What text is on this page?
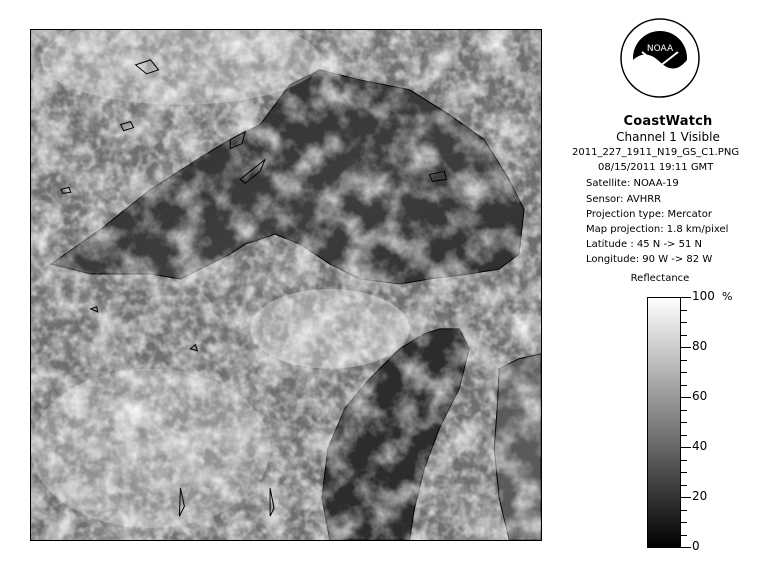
NOAA
CoastWatch
Channel 1 Visible
2011_227_1911_N19_GS_C1.PNG
08/15/2011 19:11 GMT
Satellite: NOAA-19
Sensor: AVHRR
Projection type: Mercator
Map projection: 1.8 km/pixel
Latitude : 45 N -> 51 N
Longitude: 90 W -> 82 W
Reflectance
%
100
80
60
40
20
0
